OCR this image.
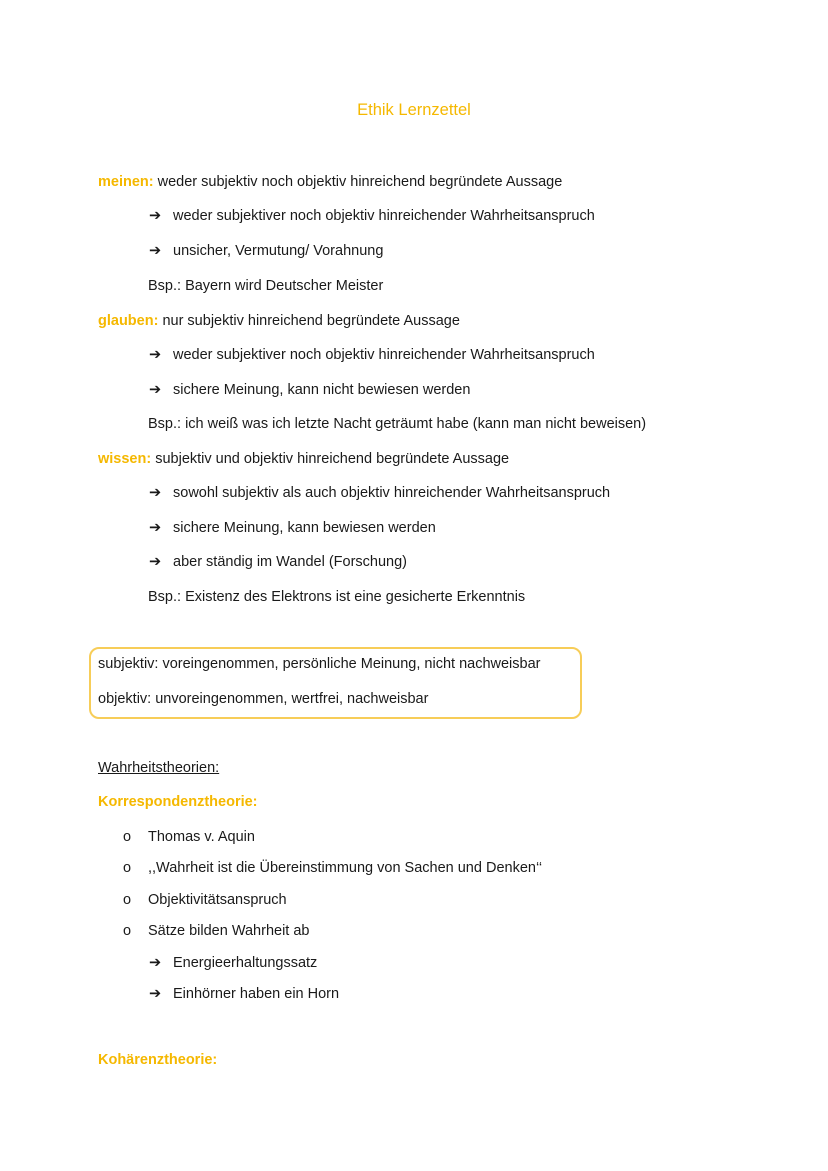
Ethik Lernzettel
meinen: weder subjektiv noch objektiv hinreichend begründete Aussage
➔ weder subjektiver noch objektiv hinreichender Wahrheitsanspruch
➔ unsicher, Vermutung/ Vorahnung
Bsp.: Bayern wird Deutscher Meister
glauben: nur subjektiv hinreichend begründete Aussage
➔ weder subjektiver noch objektiv hinreichender Wahrheitsanspruch
➔ sichere Meinung, kann nicht bewiesen werden
Bsp.: ich weiß was ich letzte Nacht geträumt habe (kann man nicht beweisen)
wissen: subjektiv und objektiv hinreichend begründete Aussage
➔ sowohl subjektiv als auch objektiv hinreichender Wahrheitsanspruch
➔ sichere Meinung, kann bewiesen werden
➔ aber ständig im Wandel (Forschung)
Bsp.: Existenz des Elektrons ist eine gesicherte Erkenntnis
subjektiv: voreingenommen, persönliche Meinung, nicht nachweisbar
objektiv: unvoreingenommen, wertfrei, nachweisbar
Wahrheitstheorien:
Korrespondenztheorie:
o Thomas v. Aquin
o ,,Wahrheit ist die Übereinstimmung von Sachen und Denken‘‘
o Objektivitätsanspruch
o Sätze bilden Wahrheit ab
➔ Energieerhaltungssatz
➔ Einhörner haben ein Horn
Kohärenztheorie:
